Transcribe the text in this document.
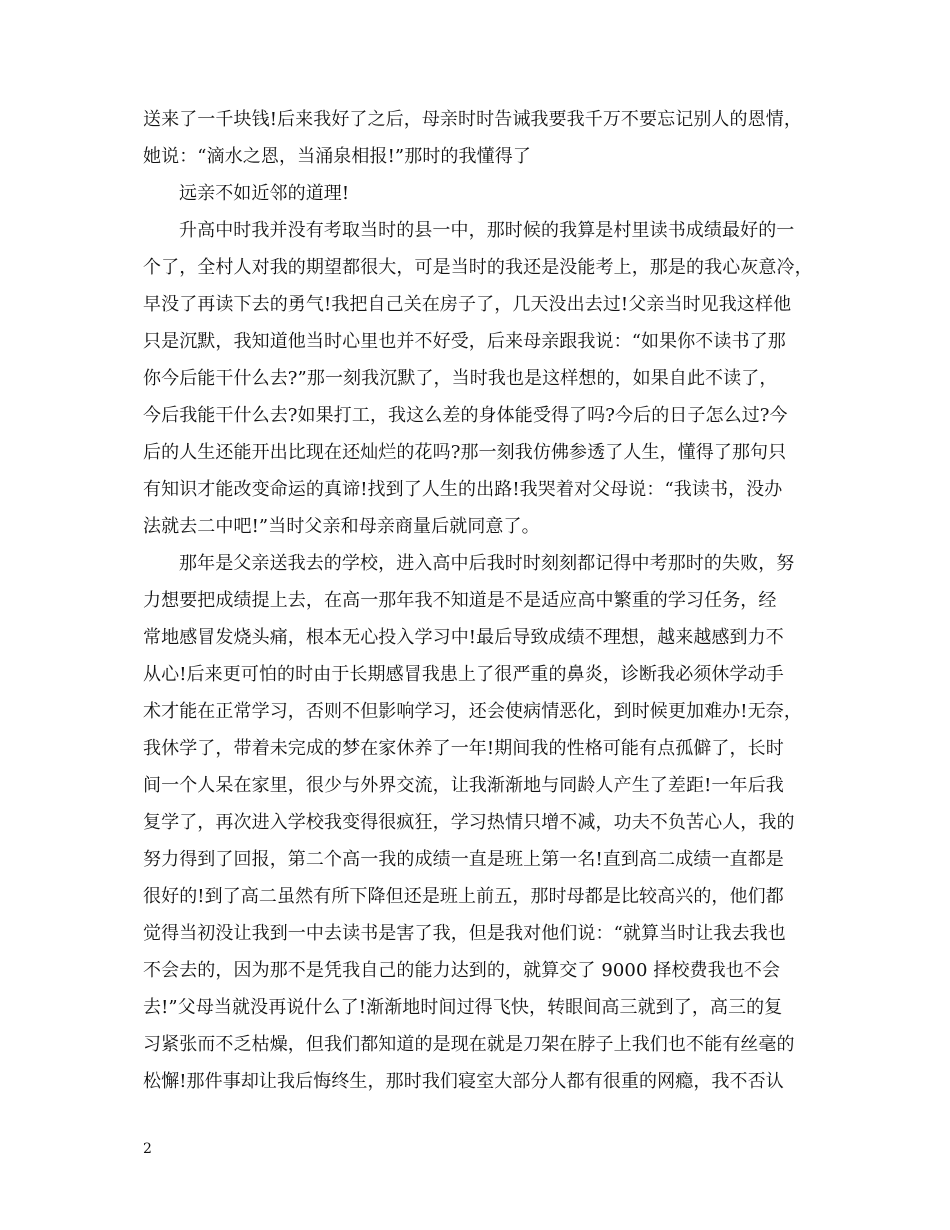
送来了一千块钱!后来我好了之后，母亲时时告诫我要我千万不要忘记别人的恩情，
她说：“滴水之恩，当涌泉相报!”那时的我懂得了
远亲不如近邻的道理!
升高中时我并没有考取当时的县一中，那时候的我算是村里读书成绩最好的一
个了，全村人对我的期望都很大，可是当时的我还是没能考上，那是的我心灰意冷，
早没了再读下去的勇气!我把自己关在房子了，几天没出去过!父亲当时见我这样他
只是沉默，我知道他当时心里也并不好受，后来母亲跟我说：“如果你不读书了那
你今后能干什么去?”那一刻我沉默了，当时我也是这样想的，如果自此不读了，
今后我能干什么去?如果打工，我这么差的身体能受得了吗?今后的日子怎么过?今
后的人生还能开出比现在还灿烂的花吗?那一刻我仿佛参透了人生，懂得了那句只
有知识才能改变命运的真谛!找到了人生的出路!我哭着对父母说：“我读书，没办
法就去二中吧!”当时父亲和母亲商量后就同意了。
那年是父亲送我去的学校，进入高中后我时时刻刻都记得中考那时的失败，努
力想要把成绩提上去，在高一那年我不知道是不是适应高中繁重的学习任务，经
常地感冒发烧头痛，根本无心投入学习中!最后导致成绩不理想，越来越感到力不
从心!后来更可怕的时由于长期感冒我患上了很严重的鼻炎，诊断我必须休学动手
术才能在正常学习，否则不但影响学习，还会使病情恶化，到时候更加难办!无奈，
我休学了，带着未完成的梦在家休养了一年!期间我的性格可能有点孤僻了，长时
间一个人呆在家里，很少与外界交流，让我渐渐地与同龄人产生了差距!一年后我
复学了，再次进入学校我变得很疯狂，学习热情只增不减，功夫不负苦心人，我的
努力得到了回报，第二个高一我的成绩一直是班上第一名!直到高二成绩一直都是
很好的!到了高二虽然有所下降但还是班上前五，那时母都是比较高兴的，他们都
觉得当初没让我到一中去读书是害了我，但是我对他们说：“就算当时让我去我也
不会去的，因为那不是凭我自己的能力达到的，就算交了 9000 择校费我也不会
去!”父母当就没再说什么了!渐渐地时间过得飞快，转眼间高三就到了，高三的复
习紧张而不乏枯燥，但我们都知道的是现在就是刀架在脖子上我们也不能有丝毫的
松懈!那件事却让我后悔终生，那时我们寝室大部分人都有很重的网瘾，我不否认
2
